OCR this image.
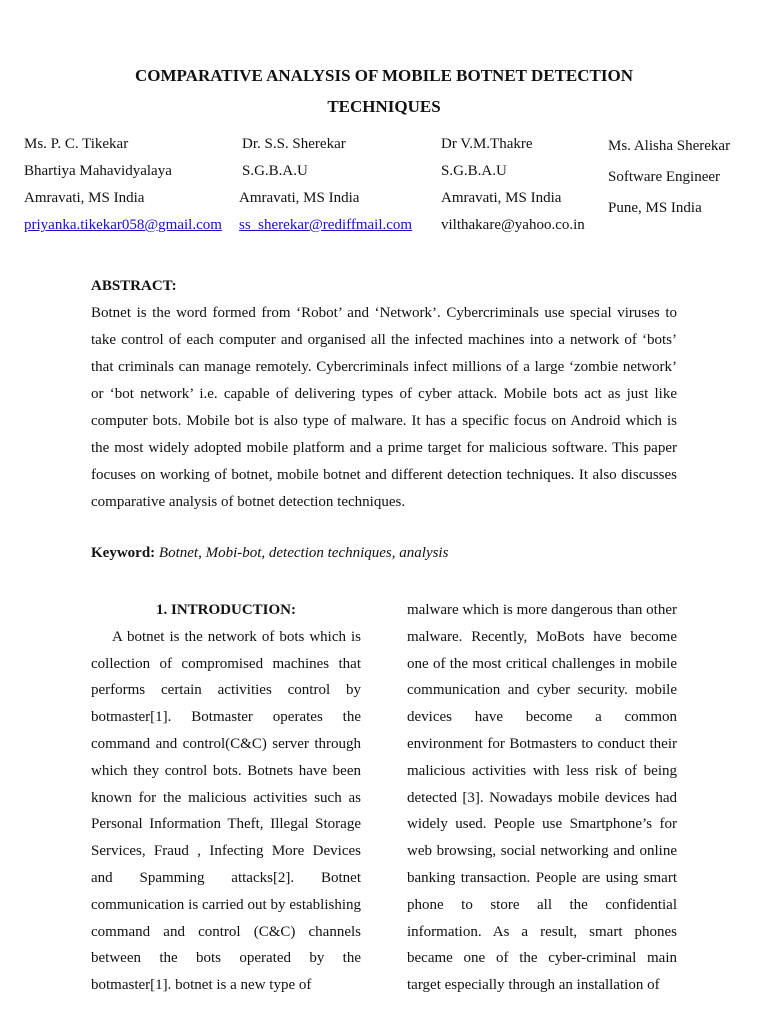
COMPARATIVE ANALYSIS OF MOBILE BOTNET DETECTION
TECHNIQUES
Ms. P. C. Tikekar
Bhartiya Mahavidyalaya
Amravati, MS India
priyanka.tikekar058@gmail.com
Dr. S.S. Sherekar
S.G.B.A.U
Amravati, MS India
ss_sherekar@rediffmail.com
Dr V.M.Thakre
S.G.B.A.U
Amravati, MS India
vilthakare@yahoo.co.in
Ms. Alisha Sherekar
Software Engineer
Pune, MS India
ABSTRACT:
Botnet is the word formed from ‘Robot’ and ‘Network’. Cybercriminals use special viruses to take control of each computer and organised all the infected machines into a network of ‘bots’ that criminals can manage remotely. Cybercriminals infect millions of a large ‘zombie network’ or ‘bot network’ i.e. capable of delivering types of cyber attack. Mobile bots act as just like computer bots. Mobile bot is also type of malware. It has a specific focus on Android which is the most widely adopted mobile platform and a prime target for malicious software. This paper focuses on working of botnet, mobile botnet and different detection techniques. It also discusses comparative analysis of botnet detection techniques.
Keyword: Botnet, Mobi-bot, detection techniques, analysis
1. INTRODUCTION:
A botnet is the network of bots which is collection of compromised machines that performs certain activities control by botmaster[1]. Botmaster operates the command and control(C&C) server through which they control bots. Botnets have been known for the malicious activities such as Personal Information Theft, Illegal Storage Services, Fraud , Infecting More Devices and Spamming attacks[2]. Botnet communication is carried out by establishing command and control (C&C) channels between the bots operated by the botmaster[1]. botnet is a new type of
malware which is more dangerous than other malware. Recently, MoBots have become one of the most critical challenges in mobile communication and cyber security. mobile devices have become a common environment for Botmasters to conduct their malicious activities with less risk of being detected [3]. Nowadays mobile devices had widely used. People use Smartphone’s for web browsing, social networking and online banking transaction. People are using smart phone to store all the confidential information. As a result, smart phones became one of the cyber-criminal main target especially through an installation of
